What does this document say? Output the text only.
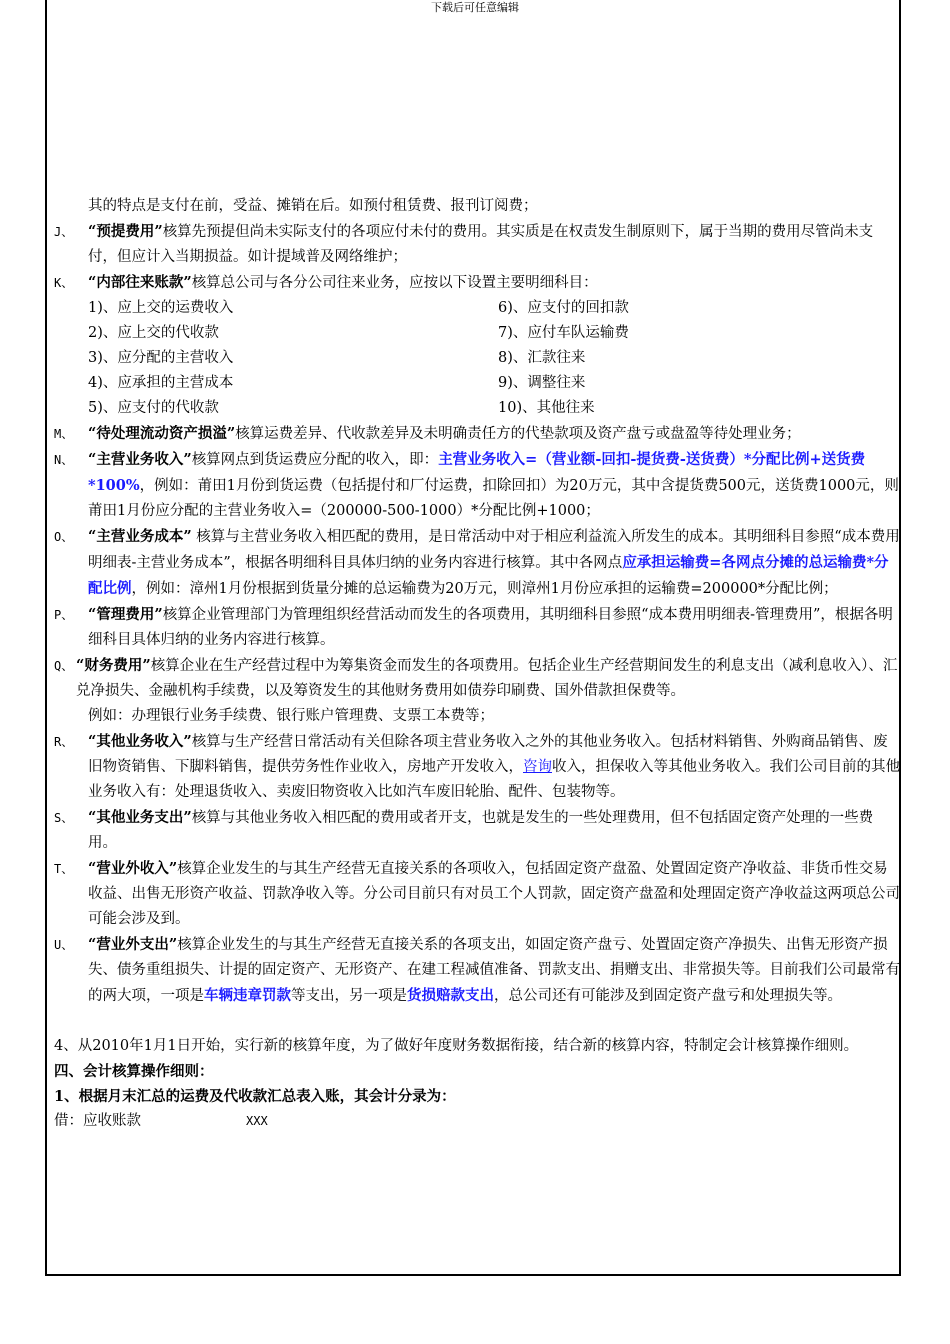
下载后可任意编辑

其的特点是支付在前，受益、摊销在后。如预付租赁费、报刊订阅费；

J、 “预提费用”核算先预提但尚未实际支付的各项应付未付的费用。其实质是在权责发生制原则下，属于当期的费用尽管尚未支付，但应计入当期损益。如计提域普及网络维护；

K、 “内部往来账款”核算总公司与各分公司往来业务，应按以下设置主要明细科目：

1)、应上交的运费收入	6)、应支付的回扣款
2)、应上交的代收款	7)、应付车队运输费
3)、应分配的主营收入	8)、汇款往来
4)、应承担的主营成本	9)、调整往来
5)、应支付的代收款	10)、其他往来

M、 “待处理流动资产损溢”核算运费差异、代收款差异及未明确责任方的代垫款项及资产盘亏或盘盈等待处理业务；

N、 “主营业务收入”核算网点到货运费应分配的收入，即：主营业务收入=（营业额-回扣-提货费-送货费）*分配比例+送货费*100%，例如：莆田1月份到货运费（包括提付和厂付运费，扣除回扣）为20万元，其中含提货费500元，送货费1000元，则莆田1月份应分配的主营业务收入=（200000-500-1000）*分配比例+1000；

O、 “主营业务成本” 核算与主营业务收入相匹配的费用，是日常活动中对于相应利益流入所发生的成本。其明细科目参照“成本费用明细表-主营业务成本”，根据各明细科目具体归纳的业务内容进行核算。其中各网点应承担运输费=各网点分摊的总运输费*分配比例，例如：漳州1月份根据到货量分摊的总运输费为20万元，则漳州1月份应承担的运输费=200000*分配比例；

P、 “管理费用”核算企业管理部门为管理组织经营活动而发生的各项费用，其明细科目参照“成本费用明细表-管理费用”，根据各明细科目具体归纳的业务内容进行核算。

Q、 “财务费用”核算企业在生产经营过程中为筹集资金而发生的各项费用。包括企业生产经营期间发生的利息支出（减利息收入）、汇兑净损失、金融机构手续费，以及筹资发生的其他财务费用如债券印刷费、国外借款担保费等。

例如：办理银行业务手续费、银行账户管理费、支票工本费等；

R、 “其他业务收入”核算与生产经营日常活动有关但除各项主营业务收入之外的其他业务收入。包括材料销售、外购商品销售、废旧物资销售、下脚料销售，提供劳务性作业收入，房地产开发收入，咨询收入，担保收入等其他业务收入。我们公司目前的其他业务收入有：处理退货收入、卖废旧物资收入比如汽车废旧轮胎、配件、包装物等。

S、 “其他业务支出”核算与其他业务收入相匹配的费用或者开支，也就是发生的一些处理费用，但不包括固定资产处理的一些费用。

T、 “营业外收入”核算企业发生的与其生产经营无直接关系的各项收入，包括固定资产盘盈、处置固定资产净收益、非货币性交易收益、出售无形资产收益、罚款净收入等。分公司目前只有对员工个人罚款，固定资产盘盈和处理固定资产净收益这两项总公司可能会涉及到。

U、 “营业外支出”核算企业发生的与其生产经营无直接关系的各项支出，如固定资产盘亏、处置固定资产净损失、出售无形资产损失、债务重组损失、计提的固定资产、无形资产、在建工程减值准备、罚款支出、捐赠支出、非常损失等。目前我们公司最常有的两大项，一项是车辆违章罚款等支出，另一项是货损赔款支出，总公司还有可能涉及到固定资产盘亏和处理损失等。

4、从2010年1月1日开始，实行新的核算年度，为了做好年度财务数据衔接，结合新的核算内容，特制定会计核算操作细则。

四、会计核算操作细则：

1、根据月末汇总的运费及代收款汇总表入账，其会计分录为：

借：应收账款	XXX
